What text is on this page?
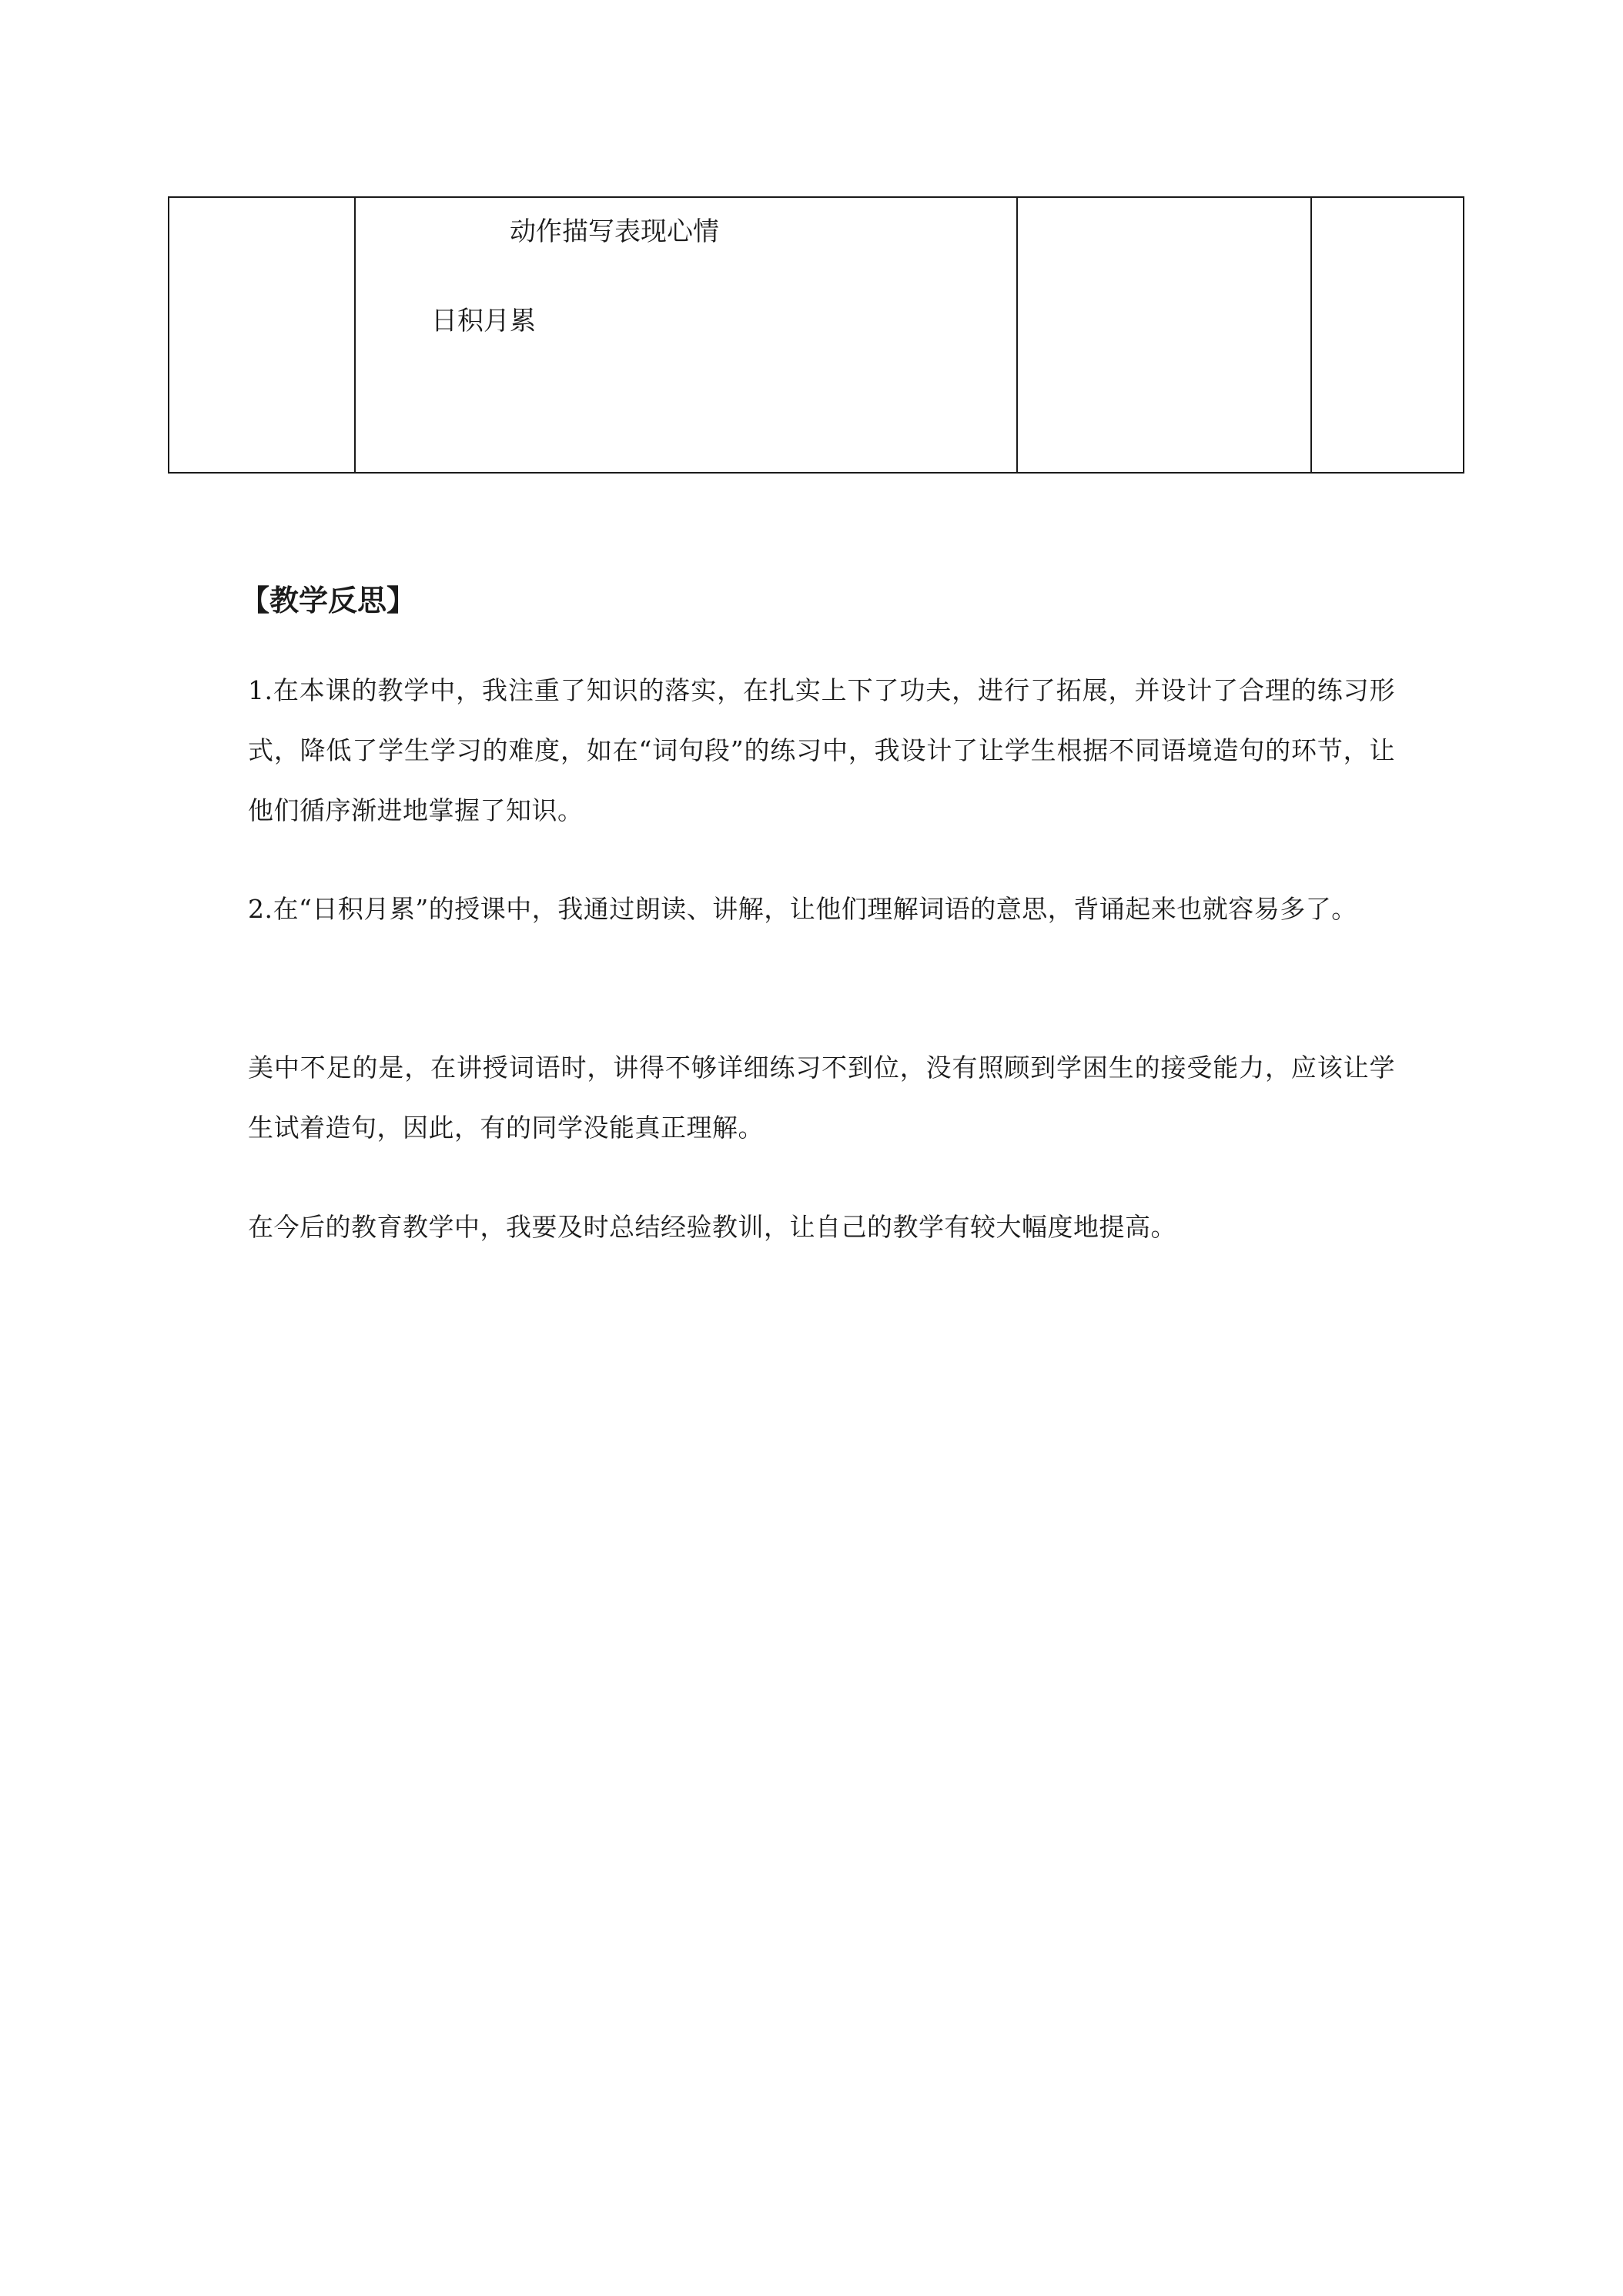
动作描写表现心情
日积月累

【教学反思】

1.在本课的教学中，我注重了知识的落实，在扎实上下了功夫，进行了拓展，并设计了合理的练习形式，降低了学生学习的难度，如在“词句段”的练习中，我设计了让学生根据不同语境造句的环节，让他们循序渐进地掌握了知识。

2.在“日积月累”的授课中，我通过朗读、讲解，让他们理解词语的意思，背诵起来也就容易多了。

美中不足的是，在讲授词语时，讲得不够详细练习不到位，没有照顾到学困生的接受能力，应该让学生试着造句，因此，有的同学没能真正理解。

在今后的教育教学中，我要及时总结经验教训，让自己的教学有较大幅度地提高。
